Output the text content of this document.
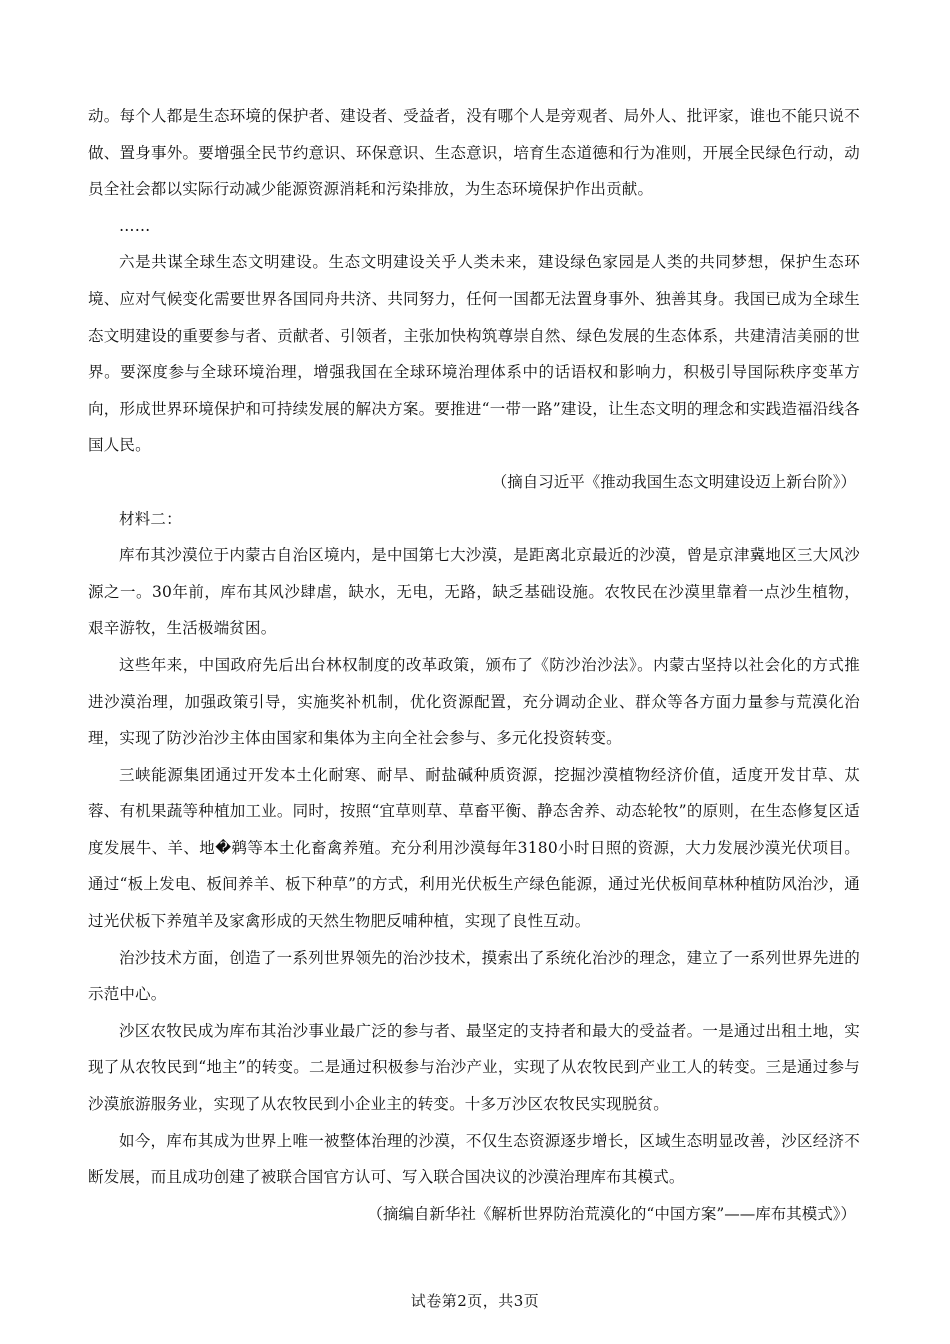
动。每个人都是生态环境的保护者、建设者、受益者，没有哪个人是旁观者、局外人、批评家，谁也不能只说不做、置身事外。要增强全民节约意识、环保意识、生态意识，培育生态道德和行为准则，开展全民绿色行动，动员全社会都以实际行动减少能源资源消耗和污染排放，为生态环境保护作出贡献。

……

六是共谋全球生态文明建设。生态文明建设关乎人类未来，建设绿色家园是人类的共同梦想，保护生态环境、应对气候变化需要世界各国同舟共济、共同努力，任何一国都无法置身事外、独善其身。我国已成为全球生态文明建设的重要参与者、贡献者、引领者，主张加快构筑尊崇自然、绿色发展的生态体系，共建清洁美丽的世界。要深度参与全球环境治理，增强我国在全球环境治理体系中的话语权和影响力，积极引导国际秩序变革方向，形成世界环境保护和可持续发展的解决方案。要推进“一带一路”建设，让生态文明的理念和实践造福沿线各国人民。

（摘自习近平《推动我国生态文明建设迈上新台阶》）

材料二：

库布其沙漠位于内蒙古自治区境内，是中国第七大沙漠，是距离北京最近的沙漠，曾是京津冀地区三大风沙源之一。30年前，库布其风沙肆虐，缺水，无电，无路，缺乏基础设施。农牧民在沙漠里靠着一点沙生植物，艰辛游牧，生活极端贫困。

这些年来，中国政府先后出台林权制度的改革政策，颁布了《防沙治沙法》。内蒙古坚持以社会化的方式推进沙漠治理，加强政策引导，实施奖补机制，优化资源配置，充分调动企业、群众等各方面力量参与荒漠化治理，实现了防沙治沙主体由国家和集体为主向全社会参与、多元化投资转变。

三峡能源集团通过开发本土化耐寒、耐旱、耐盐碱种质资源，挖掘沙漠植物经济价值，适度开发甘草、苁蓉、有机果蔬等种植加工业。同时，按照“宜草则草、草畜平衡、静态舍养、动态轮牧”的原则，在生态修复区适度发展牛、羊、地�鹈等本土化畜禽养殖。充分利用沙漠每年3180小时日照的资源，大力发展沙漠光伏项目。通过“板上发电、板间养羊、板下种草”的方式，利用光伏板生产绿色能源，通过光伏板间草林种植防风治沙，通过光伏板下养殖羊及家禽形成的天然生物肥反哺种植，实现了良性互动。

治沙技术方面，创造了一系列世界领先的治沙技术，摸索出了系统化治沙的理念，建立了一系列世界先进的示范中心。

沙区农牧民成为库布其治沙事业最广泛的参与者、最坚定的支持者和最大的受益者。一是通过出租土地，实现了从农牧民到“地主”的转变。二是通过积极参与治沙产业，实现了从农牧民到产业工人的转变。三是通过参与沙漠旅游服务业，实现了从农牧民到小企业主的转变。十多万沙区农牧民实现脱贫。

如今，库布其成为世界上唯一被整体治理的沙漠，不仅生态资源逐步增长，区域生态明显改善，沙区经济不断发展，而且成功创建了被联合国官方认可、写入联合国决议的沙漠治理库布其模式。

（摘编自新华社《解析世界防治荒漠化的“中国方案”——库布其模式》）

试卷第2页，共3页
